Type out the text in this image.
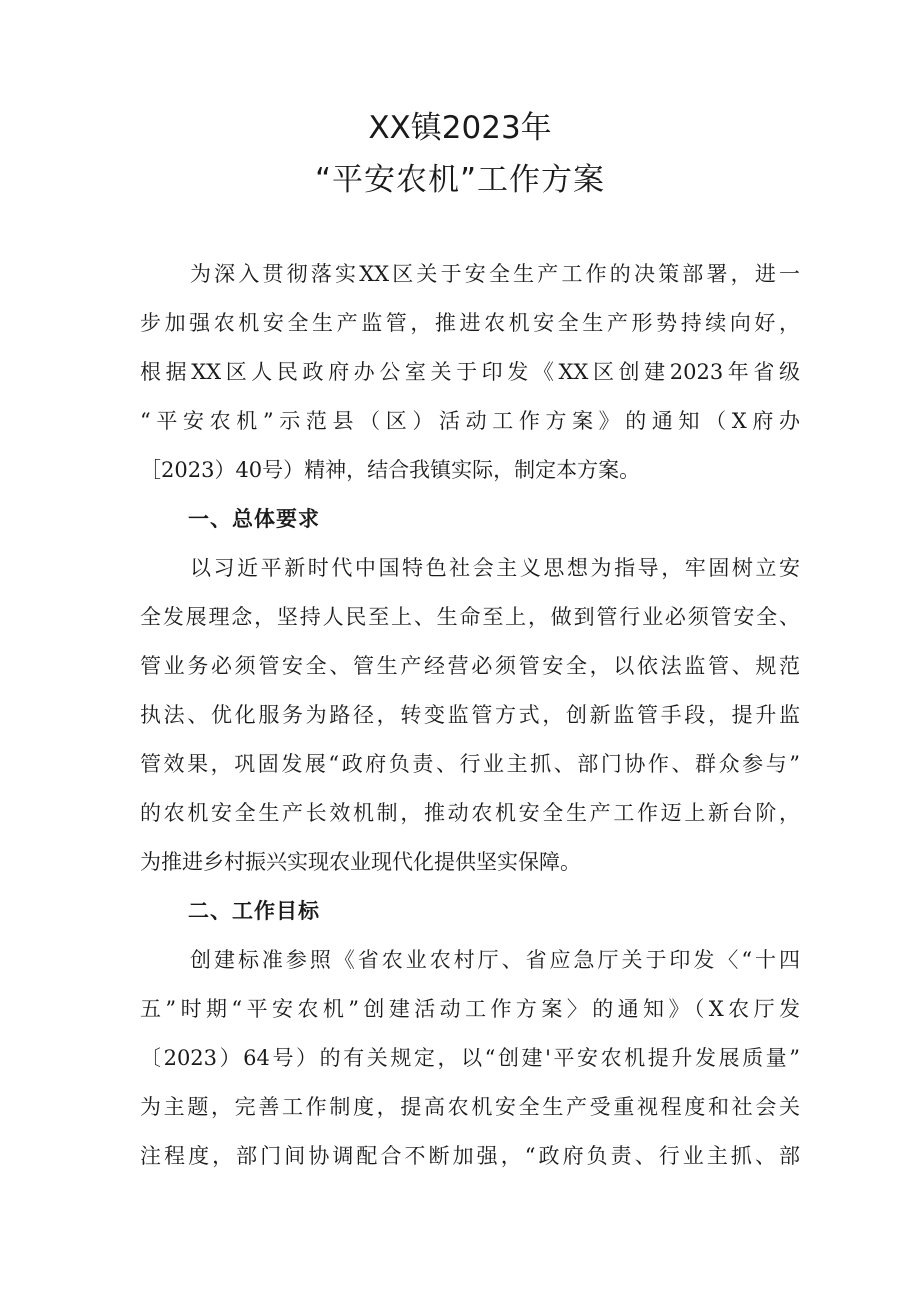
XX镇2023年
“平安农机”工作方案
为深入贯彻落实XX区关于安全生产工作的决策部署，进一
步加强农机安全生产监管，推进农机安全生产形势持续向好，
根据XX区人民政府办公室关于印发《XX区创建2023年省级
“平安农机”示范县（区）活动工作方案》的通知（X府办
［2023）40号）精神，结合我镇实际，制定本方案。
一、总体要求
以习近平新时代中国特色社会主义思想为指导，牢固树立安
全发展理念，坚持人民至上、生命至上，做到管行业必须管安全、
管业务必须管安全、管生产经营必须管安全，以依法监管、规范
执法、优化服务为路径，转变监管方式，创新监管手段，提升监
管效果，巩固发展“政府负责、行业主抓、部门协作、群众参与”
的农机安全生产长效机制，推动农机安全生产工作迈上新台阶，
为推进乡村振兴实现农业现代化提供坚实保障。
二、工作目标
创建标准参照《省农业农村厅、省应急厅关于印发〈“十四
五”时期“平安农机”创建活动工作方案〉的通知》（X农厅发
〔2023）64号）的有关规定，以“创建'平安农机提升发展质量”
为主题，完善工作制度，提高农机安全生产受重视程度和社会关
注程度，部门间协调配合不断加强，“政府负责、行业主抓、部
